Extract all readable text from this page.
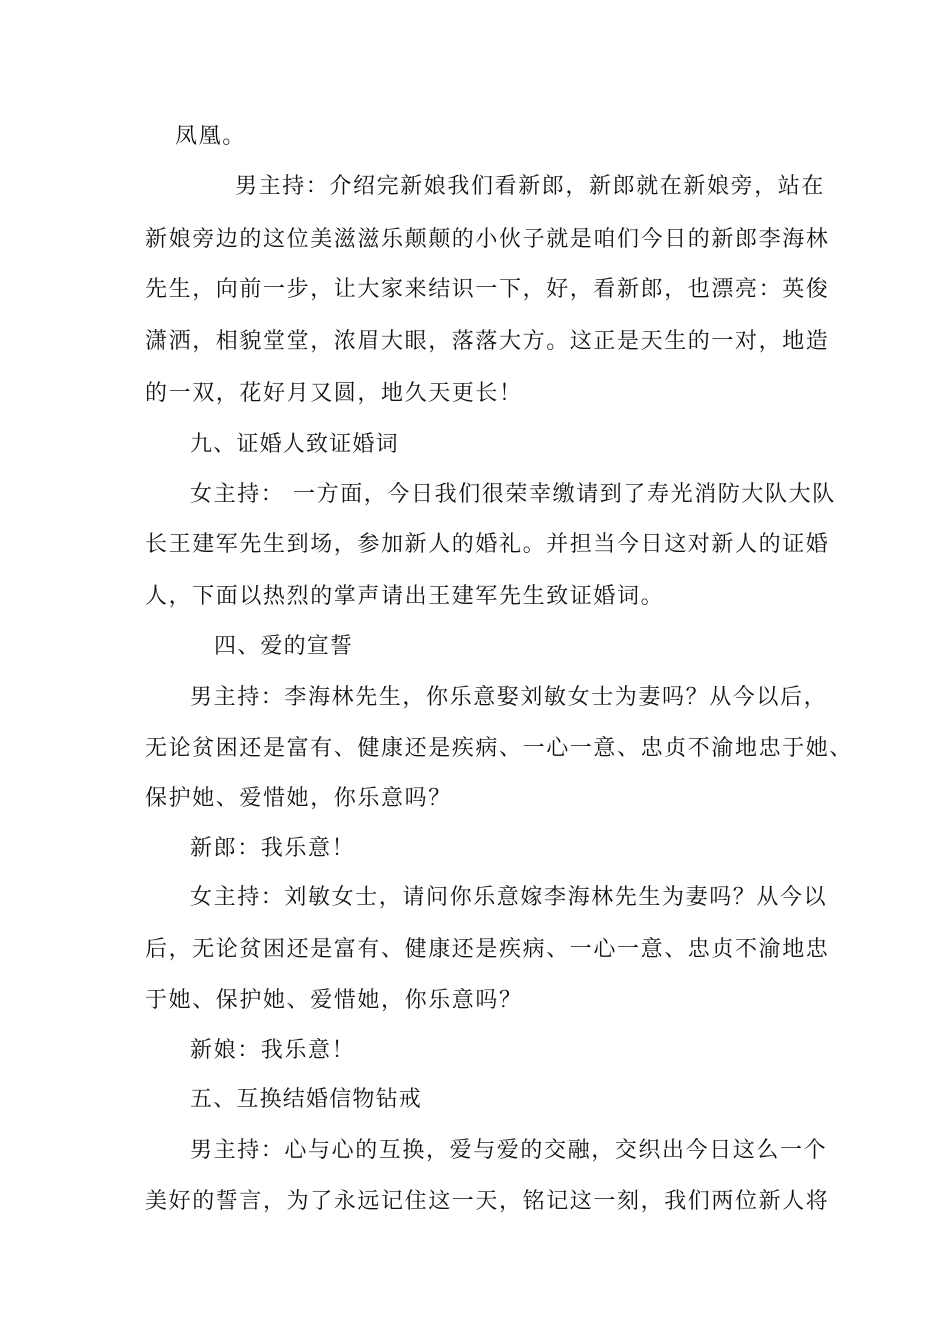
凤凰。
男主持：介绍完新娘我们看新郎，新郎就在新娘旁，站在
新娘旁边的这位美滋滋乐颠颠的小伙子就是咱们今日的新郎李海林
先生，向前一步，让大家来结识一下，好，看新郎，也漂亮：英俊
潇洒，相貌堂堂，浓眉大眼，落落大方。这正是天生的一对，地造
的一双，花好月又圆，地久天更长！
九、证婚人致证婚词
女主持： 一方面，今日我们很荣幸缴请到了寿光消防大队大队
长王建军先生到场，参加新人的婚礼。并担当今日这对新人的证婚
人，下面以热烈的掌声请出王建军先生致证婚词。
四、爱的宣誓
男主持：李海林先生，你乐意娶刘敏女士为妻吗？从今以后，
无论贫困还是富有、健康还是疾病、一心一意、忠贞不渝地忠于她、
保护她、爱惜她，你乐意吗？
新郎：我乐意！
女主持：刘敏女士，请问你乐意嫁李海林先生为妻吗？从今以
后，无论贫困还是富有、健康还是疾病、一心一意、忠贞不渝地忠
于她、保护她、爱惜她，你乐意吗？
新娘：我乐意！
五、互换结婚信物钻戒
男主持：心与心的互换，爱与爱的交融，交织出今日这么一个
美好的誓言，为了永远记住这一天，铭记这一刻，我们两位新人将
